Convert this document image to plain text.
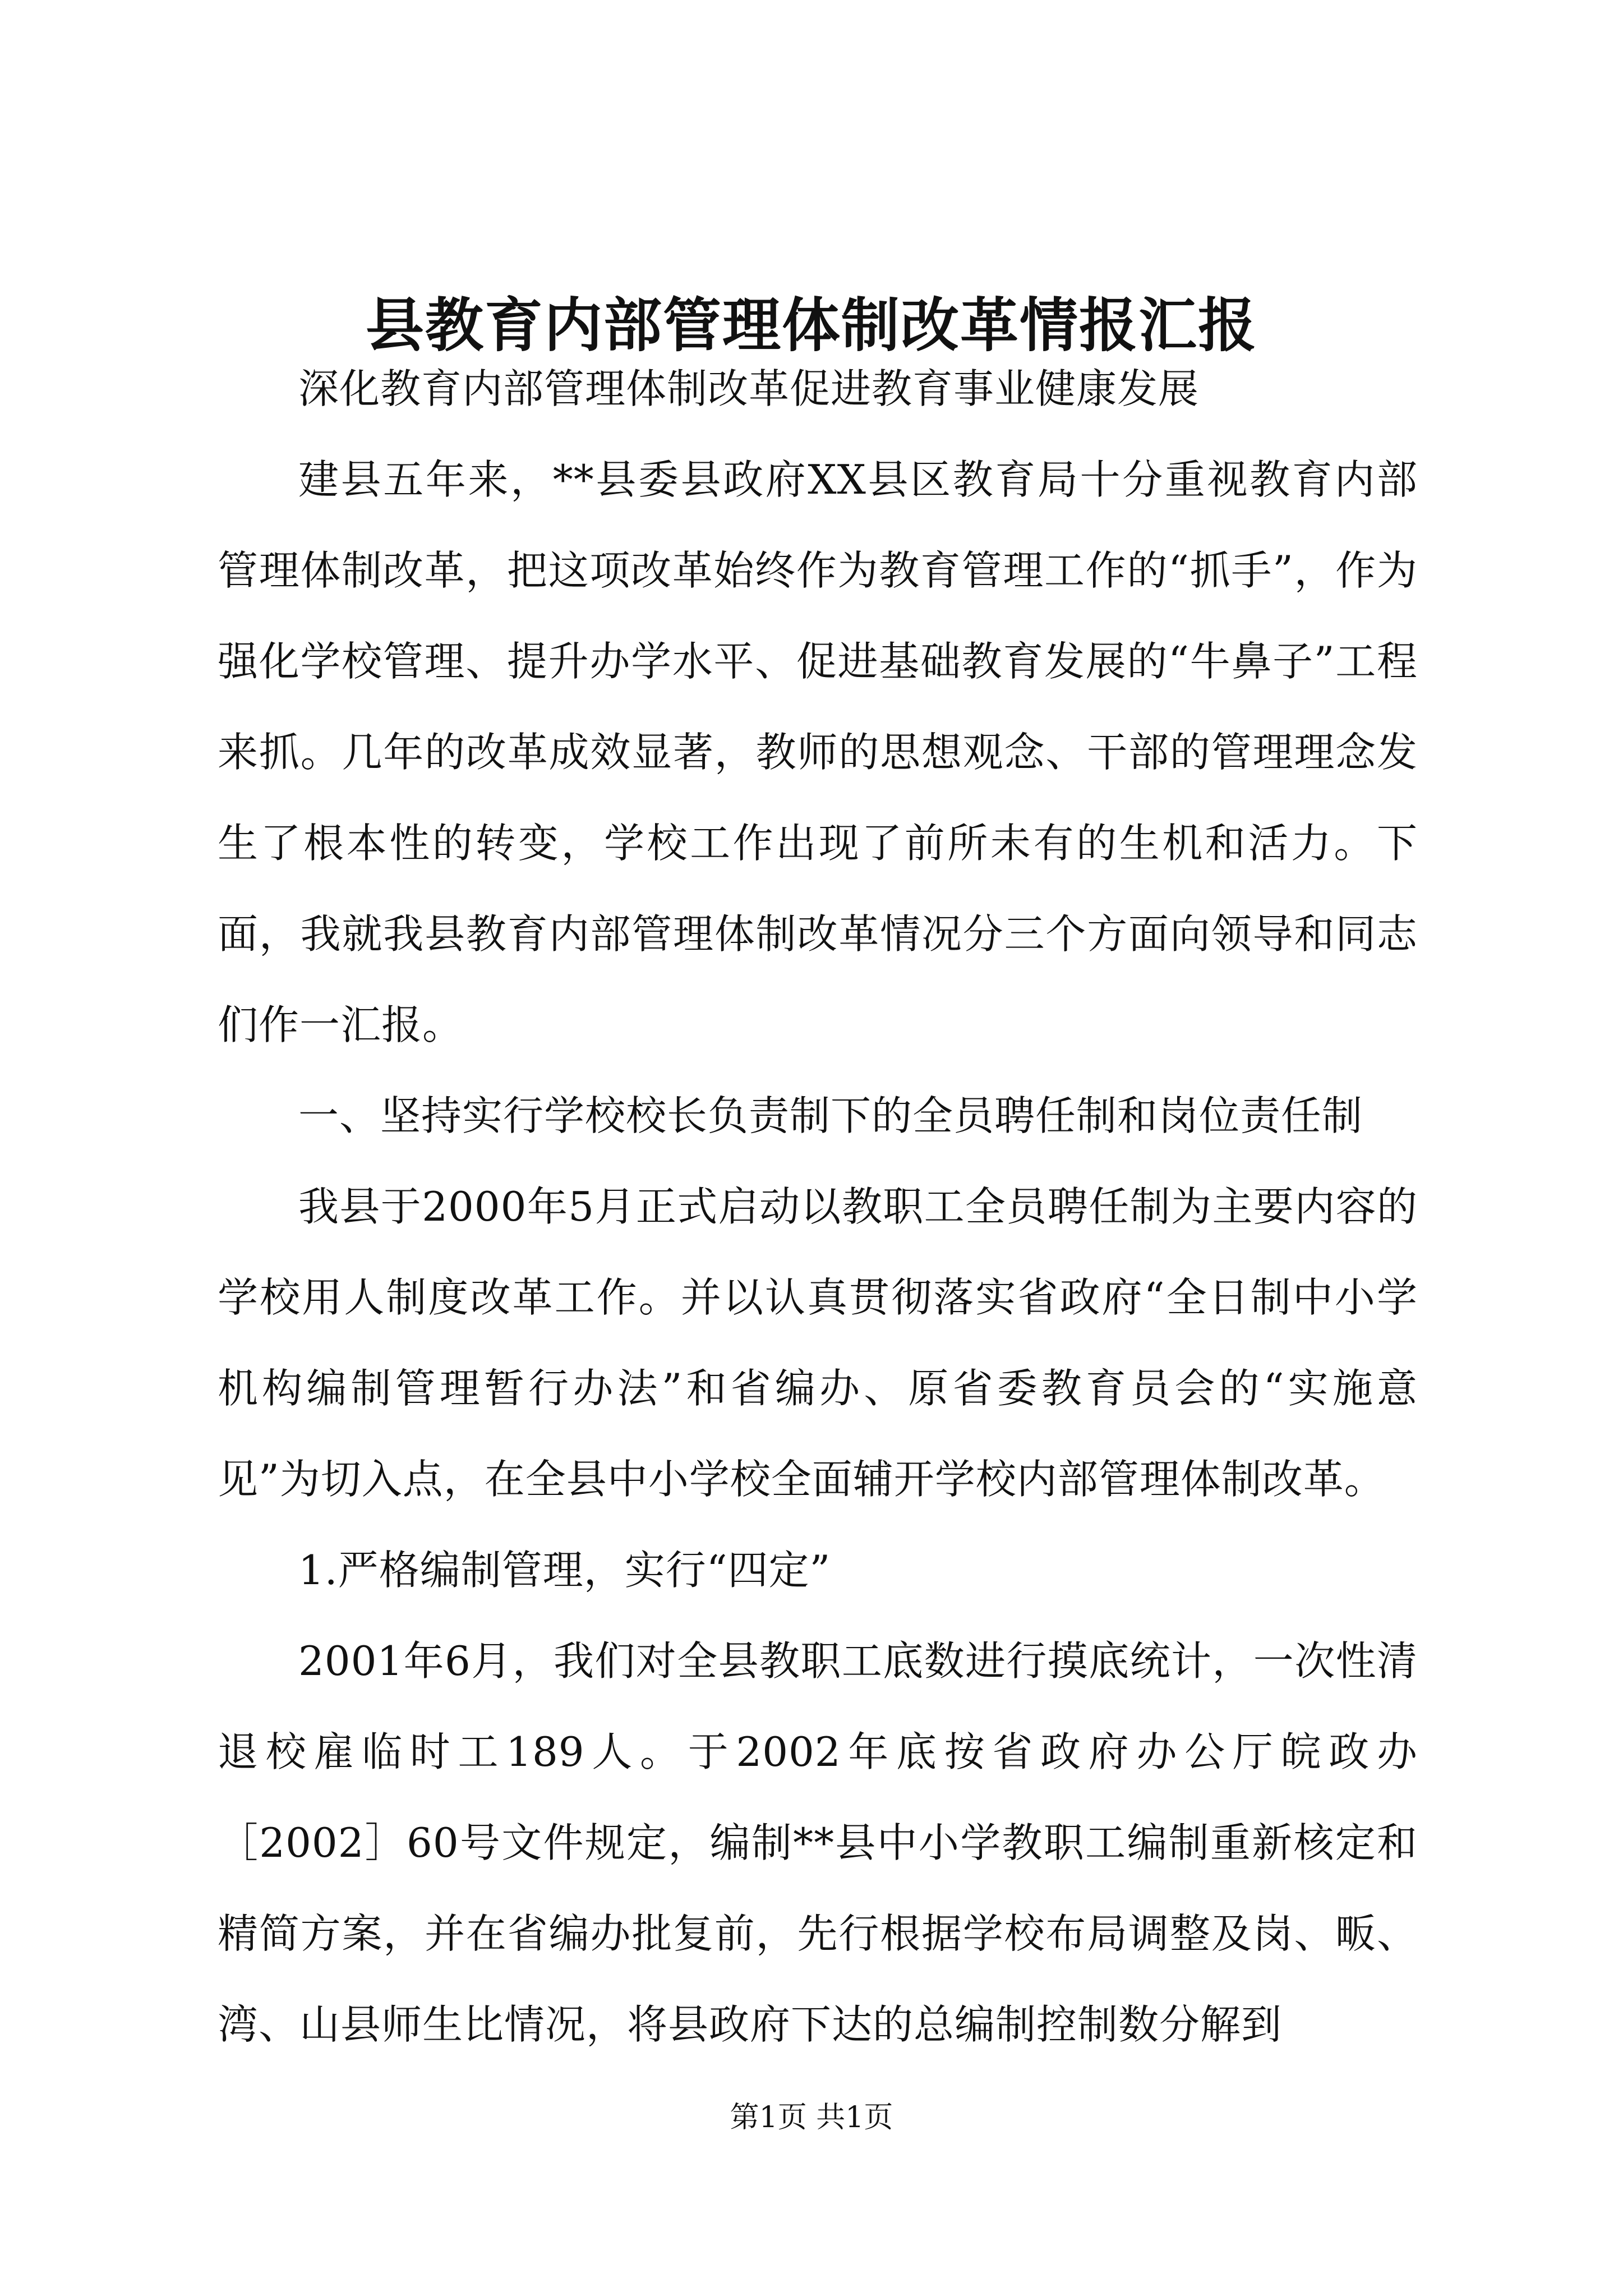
县教育内部管理体制改革情报汇报

深化教育内部管理体制改革促进教育事业健康发展

建县五年来，**县委县政府XX县区教育局十分重视教育内部管理体制改革，把这项改革始终作为教育管理工作的“抓手”，作为强化学校管理、提升办学水平、促进基础教育发展的“牛鼻子”工程来抓。几年的改革成效显著，教师的思想观念、干部的管理理念发生了根本性的转变，学校工作出现了前所未有的生机和活力。下面，我就我县教育内部管理体制改革情况分三个方面向领导和同志们作一汇报。

一、坚持实行学校校长负责制下的全员聘任制和岗位责任制

我县于2000年5月正式启动以教职工全员聘任制为主要内容的学校用人制度改革工作。并以认真贯彻落实省政府“全日制中小学机构编制管理暂行办法”和省编办、原省委教育员会的“实施意见”为切入点，在全县中小学校全面辅开学校内部管理体制改革。

1.严格编制管理，实行“四定”

2001年6月，我们对全县教职工底数进行摸底统计，一次性清退校雇临时工189人。于2002年底按省政府办公厅皖政办［2002］60号文件规定，编制**县中小学教职工编制重新核定和精简方案，并在省编办批复前，先行根据学校布局调整及岗、畈、湾、山县师生比情况，将县政府下达的总编制控制数分解到

第1页 共1页
